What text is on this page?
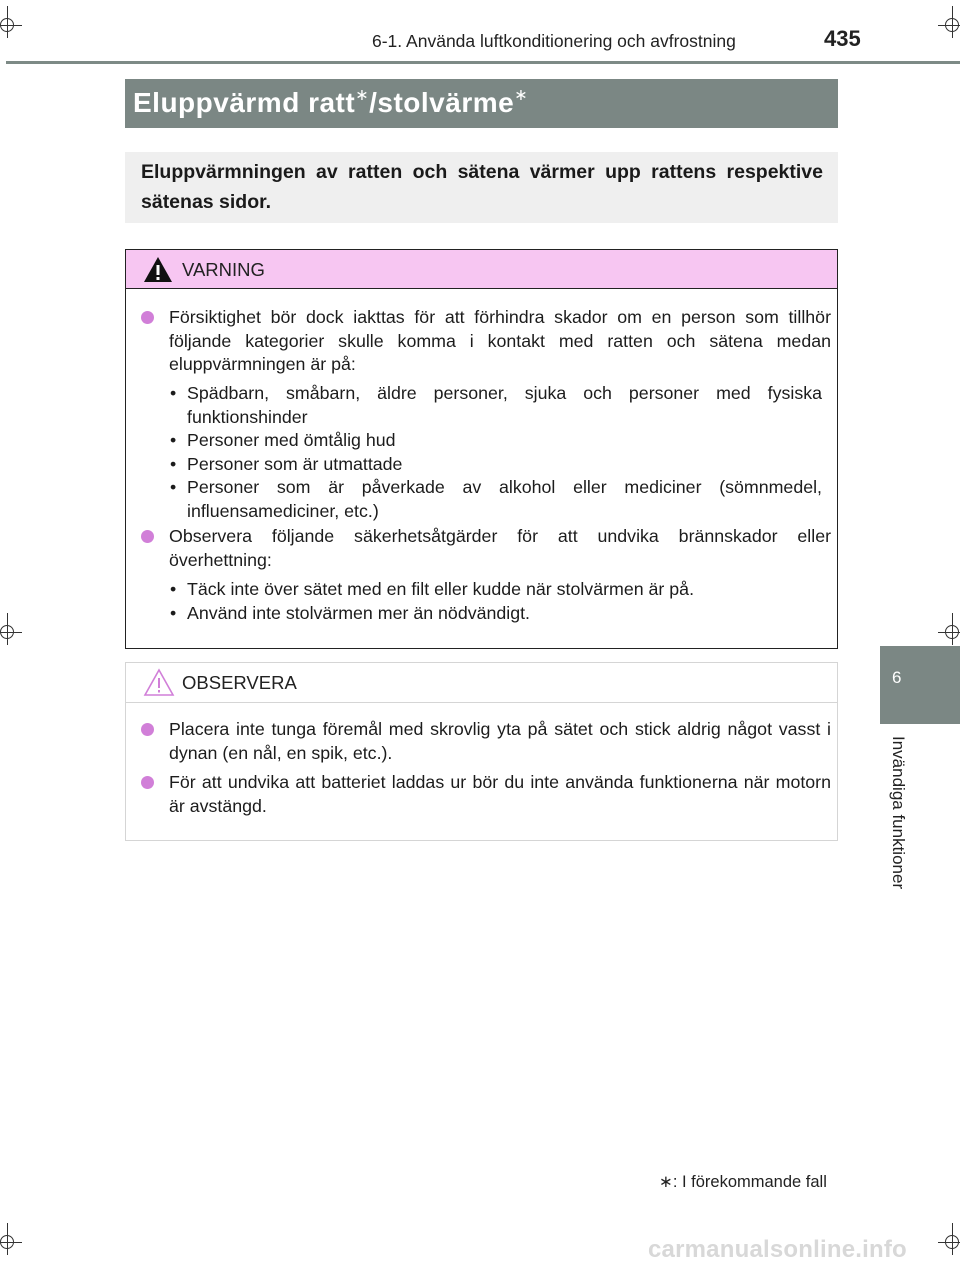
6-1. Använda luftkonditionering och avfrostning	435
Eluppvärmd ratt∗/stolvärme∗
Eluppvärmningen av ratten och sätena värmer upp rattens respektive sätenas sidor.
VARNING
Försiktighet bör dock iakttas för att förhindra skador om en person som tillhör följande kategorier skulle komma i kontakt med ratten och sätena medan eluppvärmningen är på:
• Spädbarn, småbarn, äldre personer, sjuka och personer med fysiska funktionshinder
• Personer med ömtålig hud
• Personer som är utmattade
• Personer som är påverkade av alkohol eller mediciner (sömnmedel, influensamediciner, etc.)
Observera följande säkerhetsåtgärder för att undvika brännskador eller överhettning:
• Täck inte över sätet med en filt eller kudde när stolvärmen är på.
• Använd inte stolvärmen mer än nödvändigt.
OBSERVERA
Placera inte tunga föremål med skrovlig yta på sätet och stick aldrig något vasst i dynan (en nål, en spik, etc.).
För att undvika att batteriet laddas ur bör du inte använda funktionerna när motorn är avstängd.
6
Invändiga funktioner
∗: I förekommande fall
carmanualsonline.info
